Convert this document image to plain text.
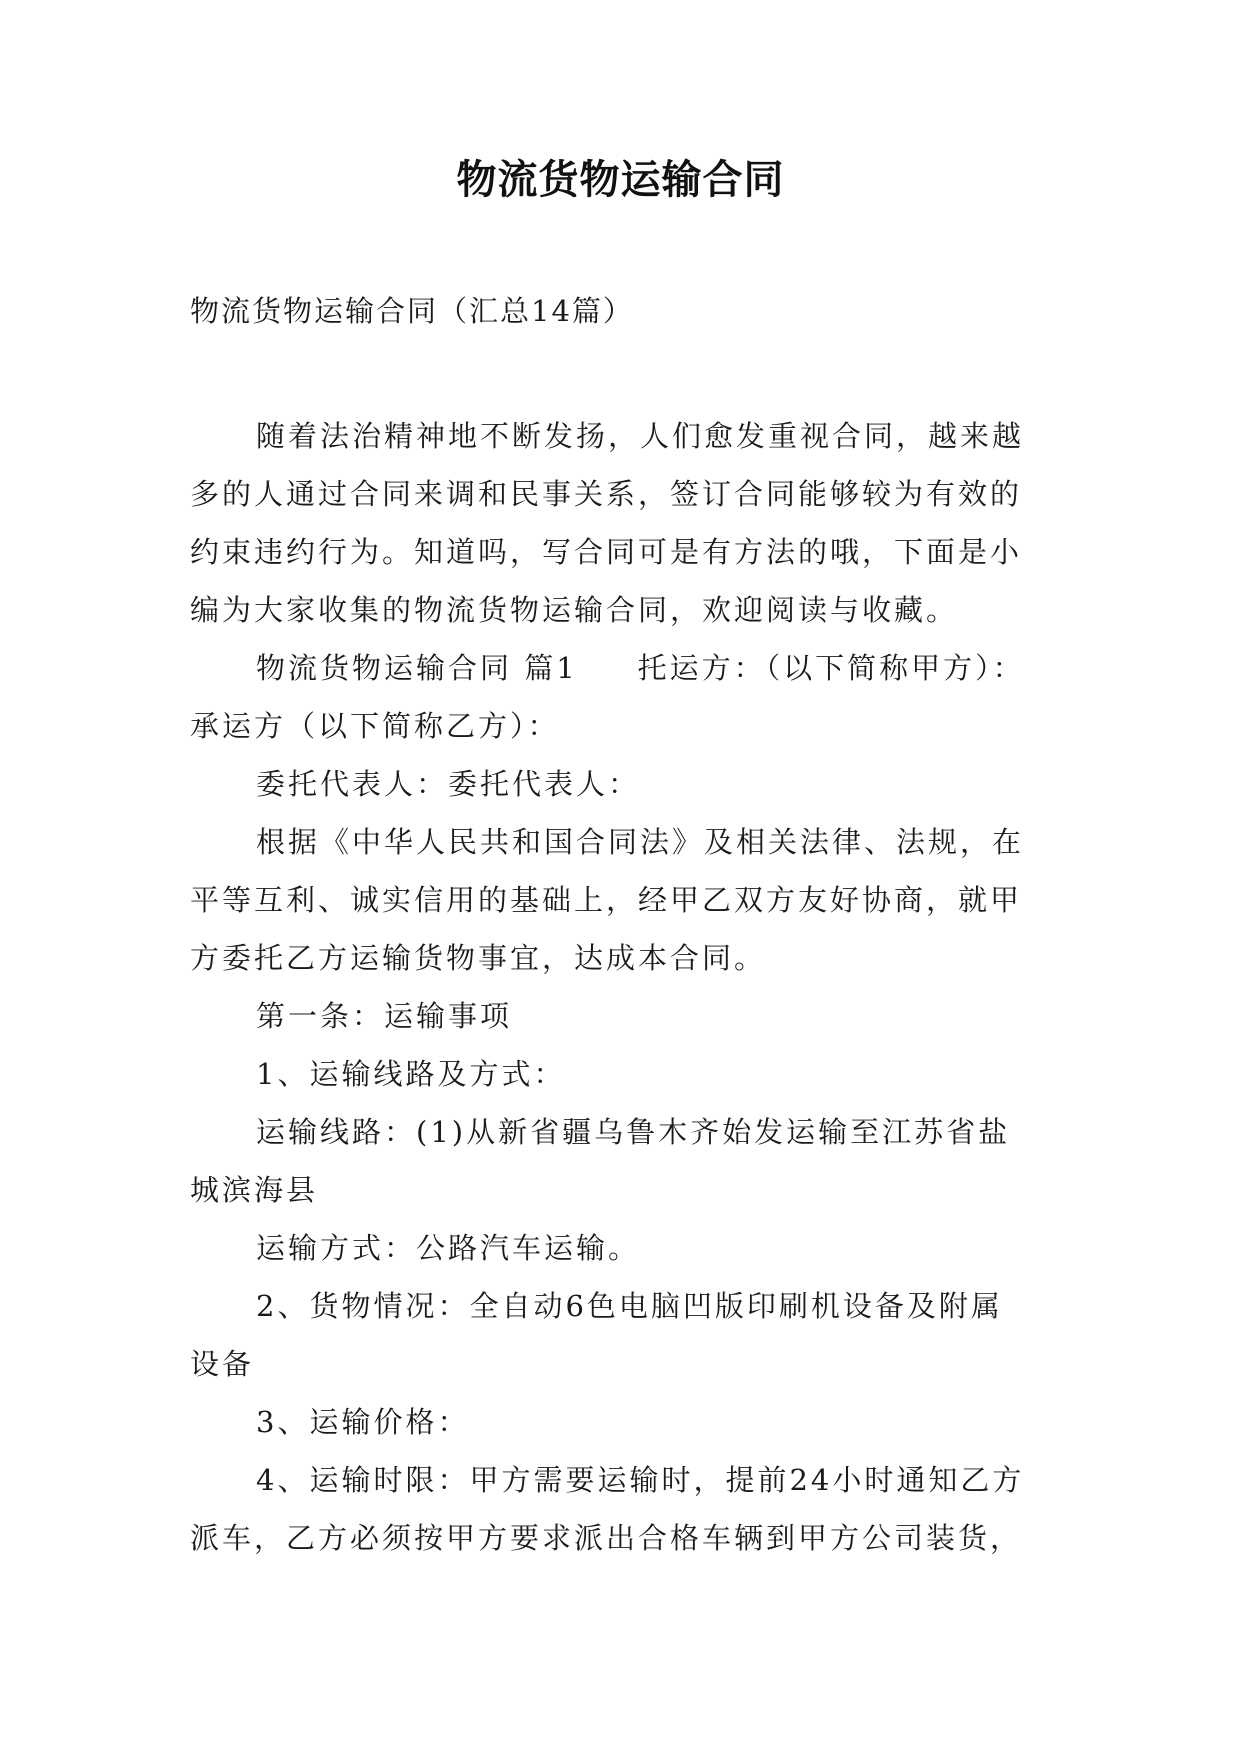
物流货物运输合同
物流货物运输合同（汇总14篇）
随着法治精神地不断发扬，人们愈发重视合同，越来越
多的人通过合同来调和民事关系，签订合同能够较为有效的
约束违约行为。知道吗，写合同可是有方法的哦，下面是小
编为大家收集的物流货物运输合同，欢迎阅读与收藏。
物流货物运输合同 篇1 托运方：（以下简称甲方）：
承运方（以下简称乙方）：
委托代表人：委托代表人：
根据《中华人民共和国合同法》及相关法律、法规，在
平等互利、诚实信用的基础上，经甲乙双方友好协商，就甲
方委托乙方运输货物事宜，达成本合同。
第一条：运输事项
1、运输线路及方式：
运输线路：(1)从新省疆乌鲁木齐始发运输至江苏省盐
城滨海县
运输方式：公路汽车运输。
2、货物情况：全自动6色电脑凹版印刷机设备及附属
设备
3、运输价格：
4、运输时限：甲方需要运输时，提前24小时通知乙方
派车，乙方必须按甲方要求派出合格车辆到甲方公司装货，
